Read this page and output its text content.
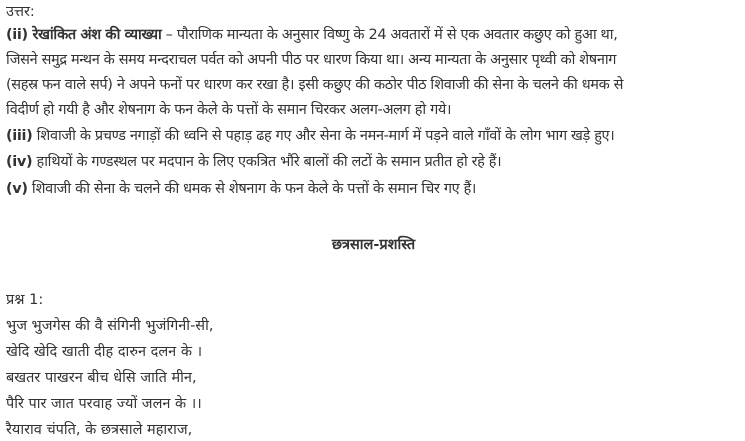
उत्तर:
(ii) रेखांकित अंश की व्याख्या – पौराणिक मान्यता के अनुसार विष्णु के 24 अवतारों में से एक अवतार कछुए को हुआ था,
जिसने समुद्र मन्थन के समय मन्दराचल पर्वत को अपनी पीठ पर धारण किया था। अन्य मान्यता के अनुसार पृथ्वी को शेषनाग
(सहस्र फन वाले सर्प) ने अपने फनों पर धारण कर रखा है। इसी कछुए की कठोर पीठ शिवाजी की सेना के चलने की धमक से
विदीर्ण हो गयी है और शेषनाग के फन केले के पत्तों के समान चिरकर अलग-अलग हो गये।
(iii) शिवाजी के प्रचण्ड नगाड़ों की ध्वनि से पहाड़ ढह गए और सेना के नमन-मार्ग में पड़ने वाले गाँवों के लोग भाग खड़े हुए।
(iv) हाथियों के गण्डस्थल पर मदपान के लिए एकत्रित भौंरे बालों की लटों के समान प्रतीत हो रहे हैं।
(v) शिवाजी की सेना के चलने की धमक से शेषनाग के फन केले के पत्तों के समान चिर गए हैं।
छत्रसाल-प्रशस्ति
प्रश्न 1:
भुज भुजगेस की वै संगिनी भुजंगिनी-सी,
खेदि खेदि खाती दीह दारुन दलन के ।
बखतर पाखरन बीच धेसि जाति मीन,
पैरि पार जात परवाह ज्यों जलन के ।।
रैयाराव चंपति, के छत्रसाले महाराज,
